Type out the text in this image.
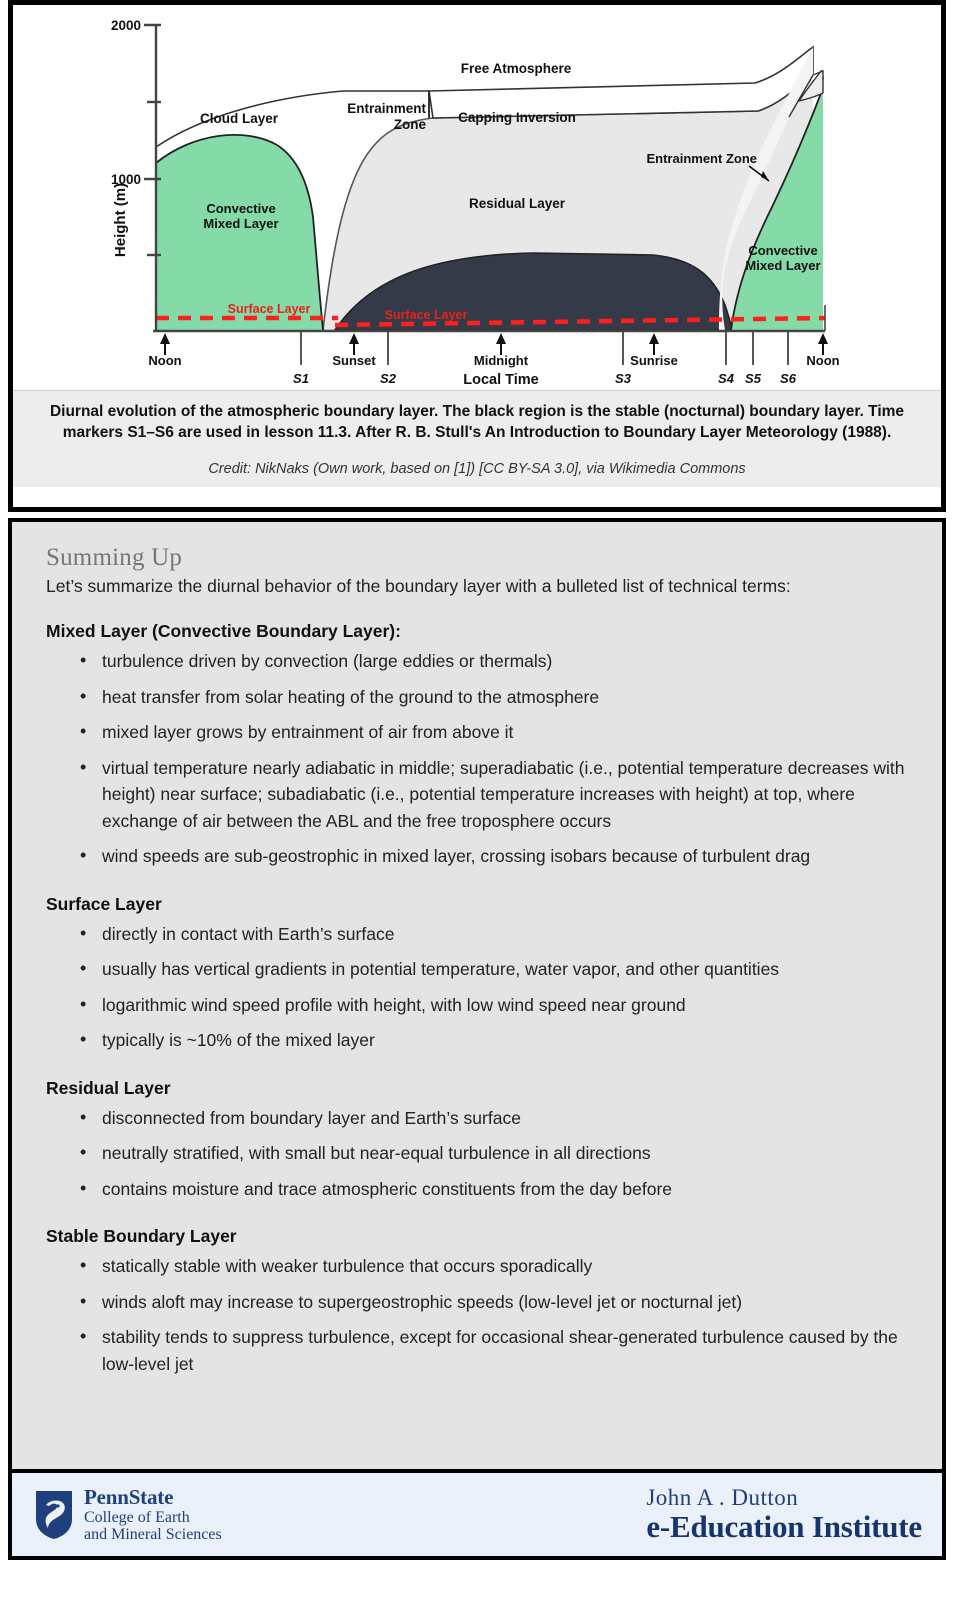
2000
1000
Height (m)
Free Atmosphere
Cloud Layer
Entrainment
Zone Capping Inversion
Residual Layer
Entrainment Zone
Convective
Mixed Layer
Convective
Mixed Layer
Surface Layer	Surface Layer
Noon	Sunset	Midnight	Sunrise	Noon
S1	S2	S3	S4 S5 S6
Local Time
Diurnal evolution of the atmospheric boundary layer. The black region is the stable (nocturnal) boundary layer. Time markers S1–S6 are used in lesson 11.3. After R. B. Stull's An Introduction to Boundary Layer Meteorology (1988).
Credit: NikNaks (Own work, based on [1]) [CC BY-SA 3.0], via Wikimedia Commons
Summing Up

Let’s summarize the diurnal behavior of the boundary layer with a bulleted list of technical terms:

Mixed Layer (Convective Boundary Layer):
• turbulence driven by convection (large eddies or thermals)
• heat transfer from solar heating of the ground to the atmosphere
• mixed layer grows by entrainment of air from above it
• virtual temperature nearly adiabatic in middle; superadiabatic (i.e., potential temperature decreases with height) near surface; subadiabatic (i.e., potential temperature increases with height) at top, where exchange of air between the ABL and the free troposphere occurs
• wind speeds are sub-geostrophic in mixed layer, crossing isobars because of turbulent drag
Surface Layer
• directly in contact with Earth’s surface
• usually has vertical gradients in potential temperature, water vapor, and other quantities
• logarithmic wind speed profile with height, with low wind speed near ground
• typically is ~10% of the mixed layer
Residual Layer
• disconnected from boundary layer and Earth’s surface
• neutrally stratified, with small but near-equal turbulence in all directions
• contains moisture and trace atmospheric constituents from the day before
Stable Boundary Layer
• statically stable with weaker turbulence that occurs sporadically
• winds aloft may increase to supergeostrophic speeds (low-level jet or nocturnal jet)
• stability tends to suppress turbulence, except for occasional shear-generated turbulence caused by the low-level jet
PennState
College of Earth
and Mineral Sciences
John A . Dutton
e-Education Institute
